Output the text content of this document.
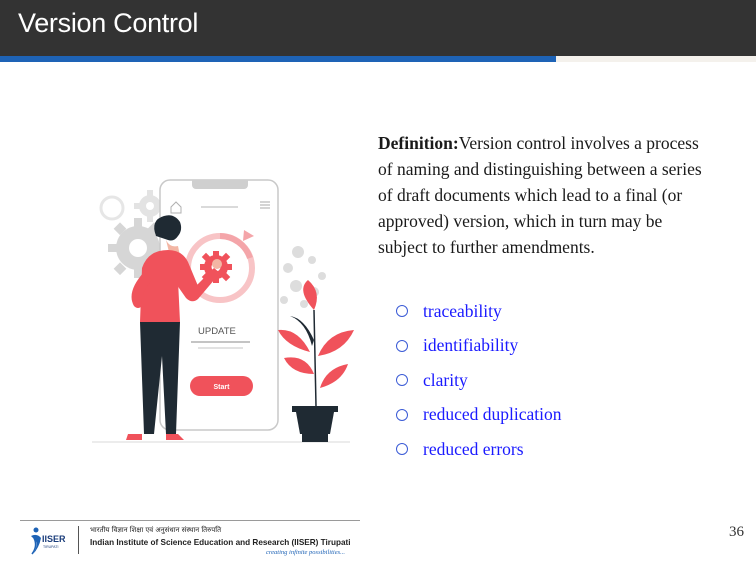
Version Control
UPDATE
Start
Definition:Version control involves a process of naming and distinguishing between a series of draft documents which lead to a final (or approved) version, which in turn may be subject to further amendments.
traceability
identifiability
clarity
reduced duplication
reduced errors
IISER
TIRUPATI
भारतीय विज्ञान शिक्षा एवं अनुसंधान संस्थान तिरुपति
Indian Institute of Science Education and Research (IISER) Tirupati
creating infinite possibilities...
36
